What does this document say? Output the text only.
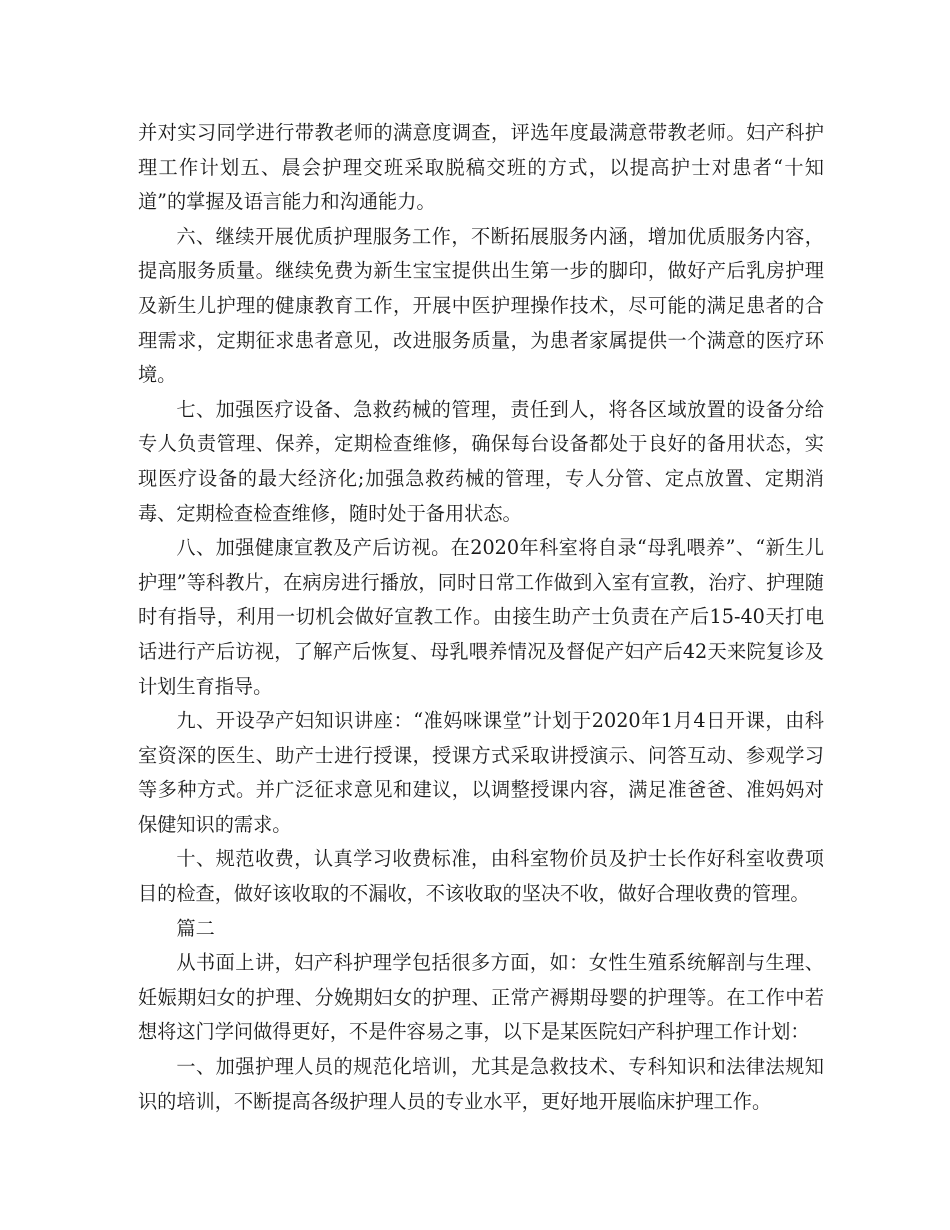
并对实习同学进行带教老师的满意度调查，评选年度最满意带教老师。妇产科护理工作计划五、晨会护理交班采取脱稿交班的方式，以提高护士对患者“十知道”的掌握及语言能力和沟通能力。

六、继续开展优质护理服务工作，不断拓展服务内涵，增加优质服务内容，提高服务质量。继续免费为新生宝宝提供出生第一步的脚印，做好产后乳房护理及新生儿护理的健康教育工作，开展中医护理操作技术，尽可能的满足患者的合理需求，定期征求患者意见，改进服务质量，为患者家属提供一个满意的医疗环境。

七、加强医疗设备、急救药械的管理，责任到人，将各区域放置的设备分给专人负责管理、保养，定期检查维修，确保每台设备都处于良好的备用状态，实现医疗设备的最大经济化;加强急救药械的管理，专人分管、定点放置、定期消毒、定期检查检查维修，随时处于备用状态。

八、加强健康宣教及产后访视。在2020年科室将自录“母乳喂养”、“新生儿护理”等科教片，在病房进行播放，同时日常工作做到入室有宣教，治疗、护理随时有指导，利用一切机会做好宣教工作。由接生助产士负责在产后15-40天打电话进行产后访视，了解产后恢复、母乳喂养情况及督促产妇产后42天来院复诊及计划生育指导。

九、开设孕产妇知识讲座：“准妈咪课堂”计划于2020年1月4日开课，由科室资深的医生、助产士进行授课，授课方式采取讲授演示、问答互动、参观学习等多种方式。并广泛征求意见和建议，以调整授课内容，满足准爸爸、准妈妈对保健知识的需求。

十、规范收费，认真学习收费标准，由科室物价员及护士长作好科室收费项目的检查，做好该收取的不漏收，不该收取的坚决不收，做好合理收费的管理。

篇二

从书面上讲，妇产科护理学包括很多方面，如：女性生殖系统解剖与生理、妊娠期妇女的护理、分娩期妇女的护理、正常产褥期母婴的护理等。在工作中若想将这门学问做得更好，不是件容易之事，以下是某医院妇产科护理工作计划：

一、加强护理人员的规范化培训，尤其是急救技术、专科知识和法律法规知识的培训，不断提高各级护理人员的专业水平，更好地开展临床护理工作。
